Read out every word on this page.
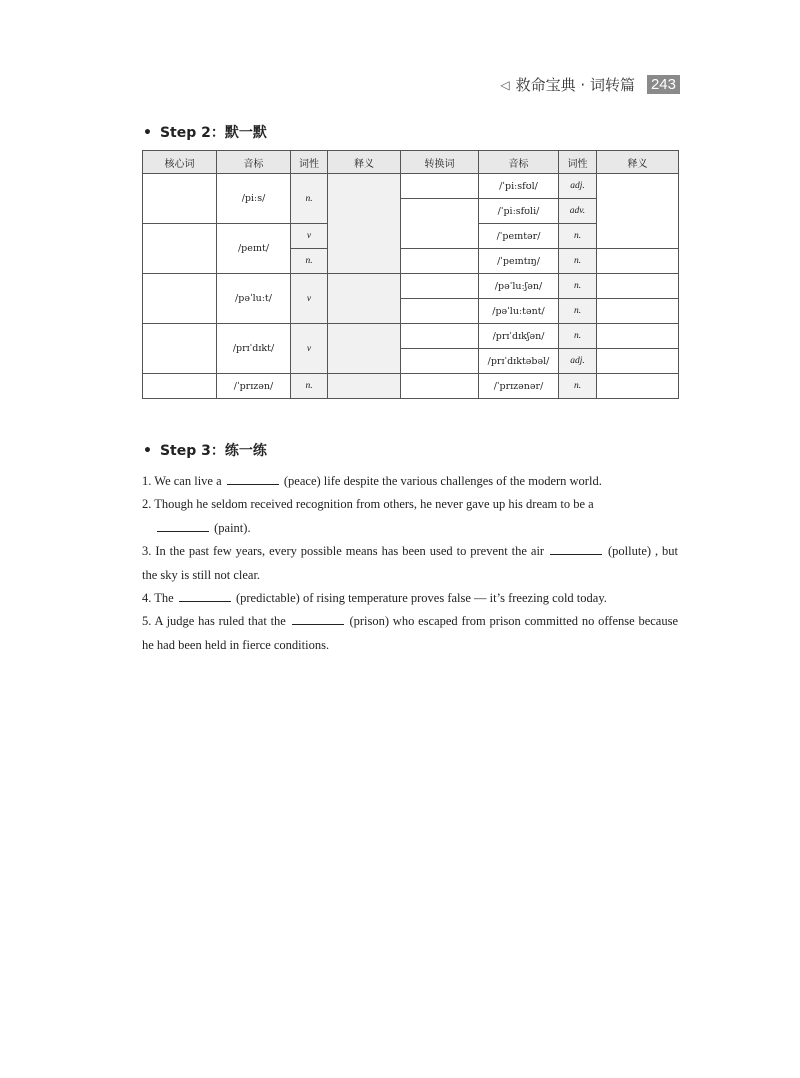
◁ 救命宝典 · 词转篇 243
• Step 2：默一默
核心词	音标	词性	释义	转换词	音标	词性	释义
	/piːs/	n.			/ˈpiːsfʊl/	adj.	
					/ˈpiːsfʊli/	adv.	
	/peɪnt/	v			/ˈpeɪntər/	n.	
		n.			/ˈpeɪntɪŋ/	n.	
	/pəˈluːt/	v			/pəˈluːʃən/	n.	
					/pəˈluːtənt/	n.	
	/prɪˈdɪkt/	v			/prɪˈdɪkʃən/	n.	
					/prɪˈdɪktəbəl/	adj.	
	/ˈprɪzən/	n.			/ˈprɪzənər/	n.	
• Step 3：练一练

1. We can live a	(peace) life despite the various challenges of the modern world.

2. Though he seldom received recognition from others, he never gave up his dream to be a
(paint).

3. In the past few years, every possible means has been used to prevent the air	(pollute) , but the sky is still not clear.

4. The	(predictable) of rising temperature proves false — it’s freezing cold today.

5. A judge has ruled that the	(prison) who escaped from prison committed no offense because he had been held in fierce conditions.
